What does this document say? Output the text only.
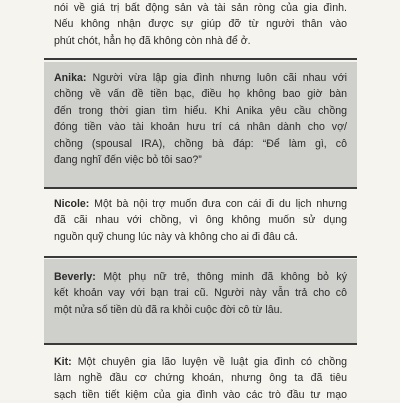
nói về giá trị bất động sản và tài sản ròng của gia đình.
Nếu không nhận được sự giúp đỡ từ người thân vào
phút chót, hẳn họ đã không còn nhà để ở.
Anika: Người vừa lập gia đình nhưng luôn cãi nhau với
chồng về vấn đề tiền bạc, điều họ không bao giờ bàn
đến trong thời gian tìm hiểu. Khi Anika yêu cầu chồng
đóng tiền vào tài khoản hưu trí cá nhân dành cho vợ/
chồng (spousal IRA), chồng bà đáp: “Để làm gì, cô
đang nghĩ đến việc bỏ tôi sao?”
Nicole: Một bà nội trợ muốn đưa con cái đi du lịch nhưng
đã cãi nhau với chồng, vì ông không muốn sử dụng
nguồn quỹ chung lúc này và không cho ai đi đâu cả.
Beverly: Một phụ nữ trẻ, thông minh đã không bỏ ký
kết khoản vay với bạn trai cũ. Người này vẫn trả cho cô
một nửa số tiền dù đã ra khỏi cuộc đời cô từ lâu.
Kit: Một chuyên gia lão luyện về luật gia đình có chồng
làm nghề đầu cơ chứng khoán, nhưng ông ta đã tiêu
sạch tiền tiết kiệm của gia đình vào các trò đầu tư mạo
